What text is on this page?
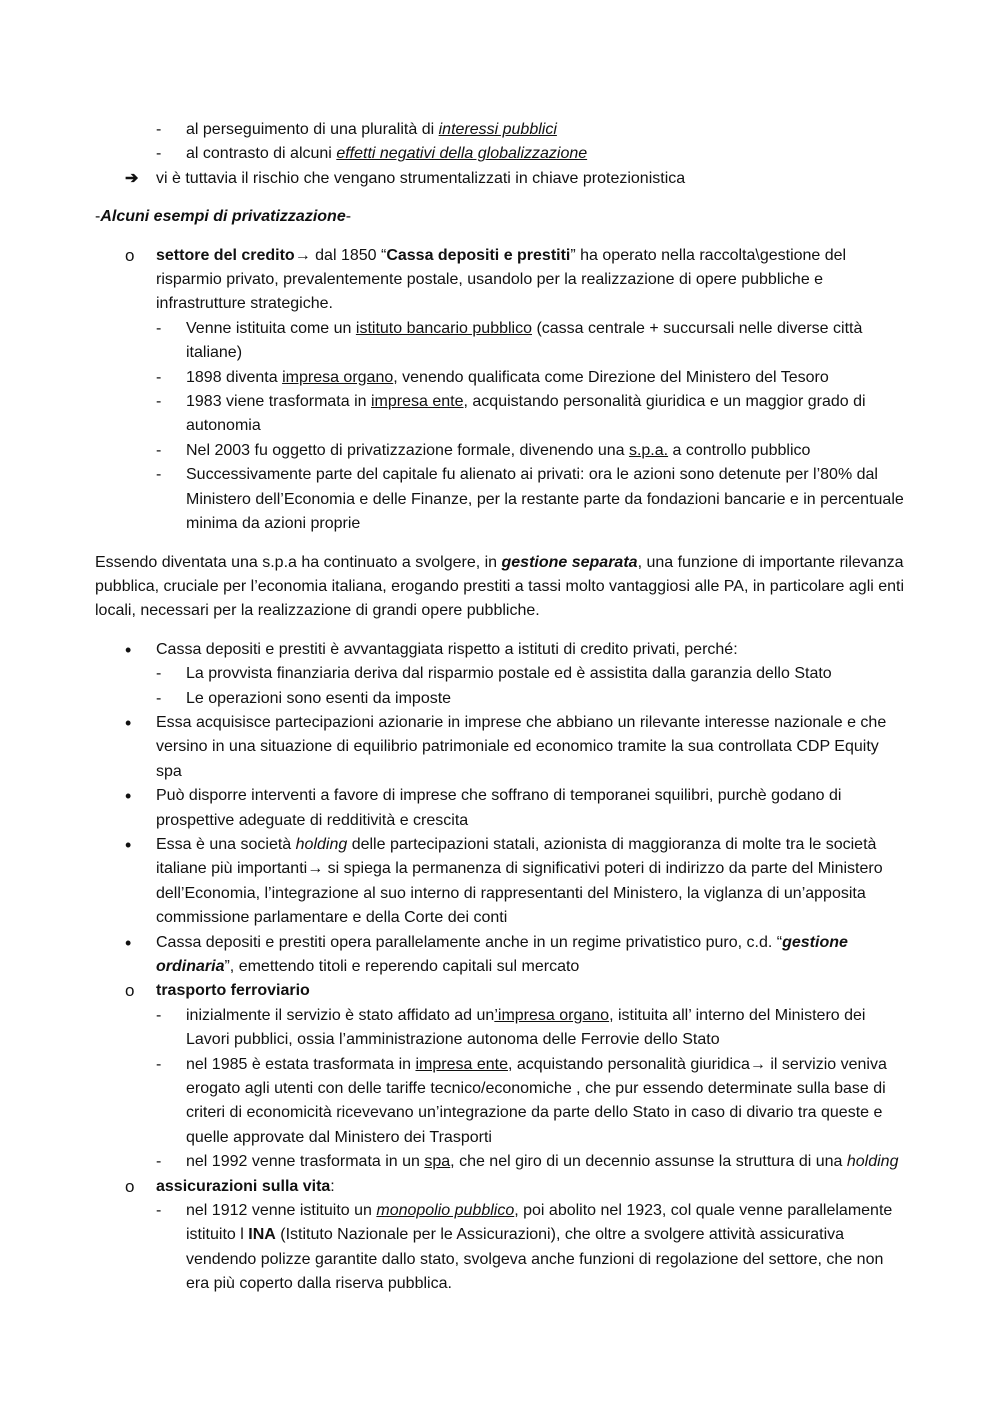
- al perseguimento di una pluralità di interessi pubblici
- al contrasto di alcuni effetti negativi della globalizzazione
➔ vi è tuttavia il rischio che vengano strumentalizzati in chiave protezionistica
-Alcuni esempi di privatizzazione-
o settore del credito→ dal 1850 “Cassa depositi e prestiti” ha operato nella raccolta\gestione del risparmio privato, prevalentemente postale, usandolo per la realizzazione di opere pubbliche e infrastrutture strategiche.
- Venne istituita come un istituto bancario pubblico (cassa centrale + succursali nelle diverse città italiane)
- 1898 diventa impresa organo, venendo qualificata come Direzione del Ministero del Tesoro
- 1983 viene trasformata in impresa ente, acquistando personalità giuridica e un maggior grado di autonomia
- Nel 2003 fu oggetto di privatizzazione formale, divenendo una s.p.a. a controllo pubblico
- Successivamente parte del capitale fu alienato ai privati: ora le azioni sono detenute per l’80% dal Ministero dell’Economia e delle Finanze, per la restante parte da fondazioni bancarie e in percentuale minima da azioni proprie
Essendo diventata una s.p.a ha continuato a svolgere, in gestione separata, una funzione di importante rilevanza pubblica, cruciale per l’economia italiana, erogando prestiti a tassi molto vantaggiosi alle PA, in particolare agli enti locali, necessari per la realizzazione di grandi opere pubbliche.
• Cassa depositi e prestiti è avvantaggiata rispetto a istituti di credito privati, perché:
- La provvista finanziaria deriva dal risparmio postale ed è assistita dalla garanzia dello Stato
- Le operazioni sono esenti da imposte
• Essa acquisisce partecipazioni azionarie in imprese che abbiano un rilevante interesse nazionale e che versino in una situazione di equilibrio patrimoniale ed economico tramite la sua controllata CDP Equity spa
• Può disporre interventi a favore di imprese che soffrano di temporanei squilibri, purchè godano di prospettive adeguate di redditività e crescita
• Essa è una società holding delle partecipazioni statali, azionista di maggioranza di molte tra le società italiane più importanti→ si spiega la permanenza di significativi poteri di indirizzo da parte del Ministero dell’Economia, l’integrazione al suo interno di rappresentanti del Ministero, la viglanza di un’apposita commissione parlamentare e della Corte dei conti
• Cassa depositi e prestiti opera parallelamente anche in un regime privatistico puro, c.d. “gestione ordinaria”, emettendo titoli e reperendo capitali sul mercato
o trasporto ferroviario
- inizialmente il servizio è stato affidato ad un’impresa organo, istituita all’ interno del Ministero dei Lavori pubblici, ossia l’amministrazione autonoma delle Ferrovie dello Stato
- nel 1985 è estata trasformata in impresa ente, acquistando personalità giuridica→ il servizio veniva erogato agli utenti con delle tariffe tecnico/economiche , che pur essendo determinate sulla base di criteri di economicità ricevevano un’integrazione da parte dello Stato in caso di divario tra queste e quelle approvate dal Ministero dei Trasporti
- nel 1992 venne trasformata in un spa, che nel giro di un decennio assunse la struttura di una holding
o assicurazioni sulla vita:
- nel 1912 venne istituito un monopolio pubblico, poi abolito nel 1923, col quale venne parallelamente istituito l INA (Istituto Nazionale per le Assicurazioni), che oltre a svolgere attività assicurativa vendendo polizze garantite dallo stato, svolgeva anche funzioni di regolazione del settore, che non era più coperto dalla riserva pubblica.
